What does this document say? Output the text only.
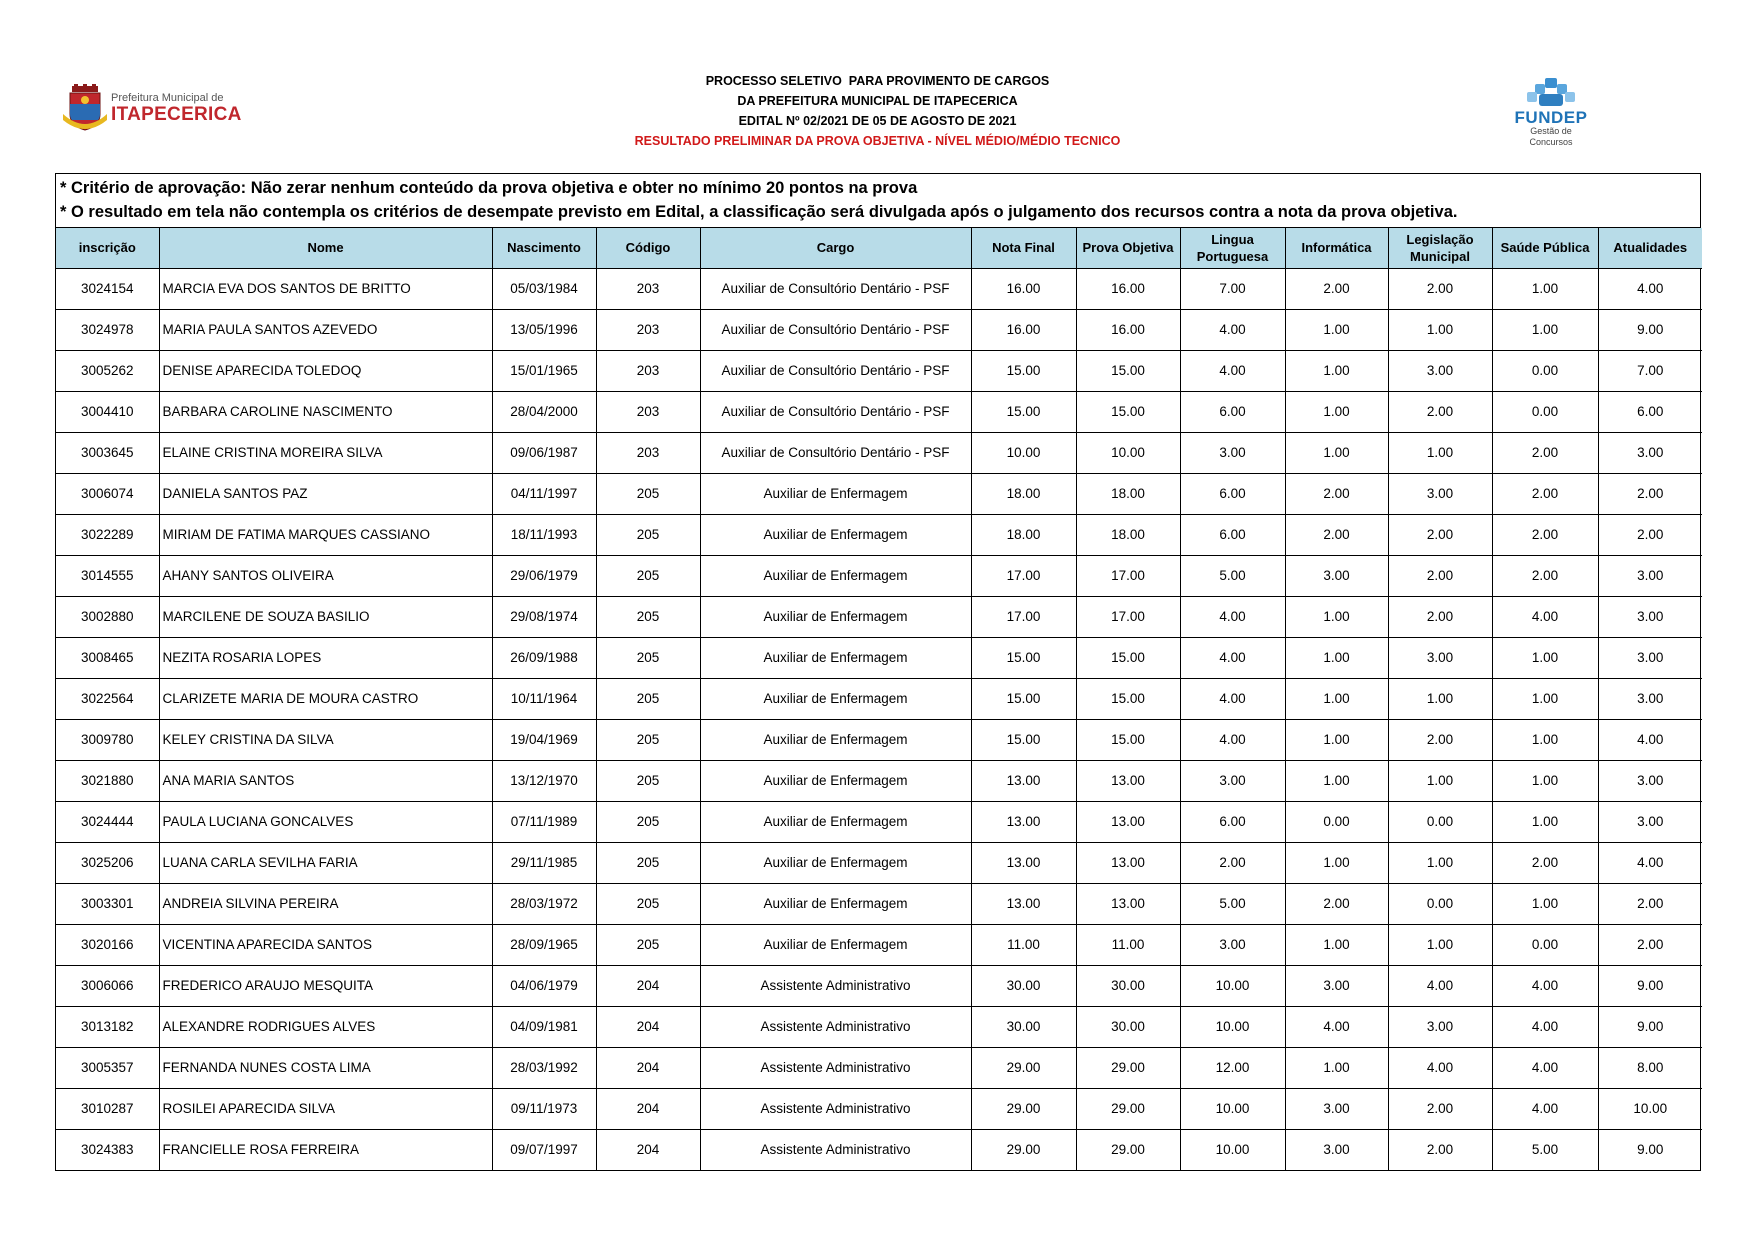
Prefeitura Municipal de
ITAPECERICA
PROCESSO SELETIVO  PARA PROVIMENTO DE CARGOS
DA PREFEITURA MUNICIPAL DE ITAPECERICA
EDITAL Nº 02/2021 DE 05 DE AGOSTO DE 2021
RESULTADO PRELIMINAR DA PROVA OBJETIVA - NÍVEL MÉDIO/MÉDIO TECNICO
FUNDEP
Gestão de Concursos
* Critério de aprovação: Não zerar nenhum conteúdo da prova objetiva e obter no mínimo 20 pontos na prova
* O resultado em tela não contempla os critérios de desempate previsto em Edital, a classificação será divulgada após o julgamento dos recursos contra a nota da prova objetiva.
inscrição	Nome	Nascimento	Código	Cargo	Nota Final	Prova Objetiva	Lingua Portuguesa	Informática	Legislação Municipal	Saúde Pública	Atualidades
3024154	MARCIA EVA DOS SANTOS DE BRITTO	05/03/1984	203	Auxiliar de Consultório Dentário - PSF	16.00	16.00	7.00	2.00	2.00	1.00	4.00
3024978	MARIA PAULA SANTOS AZEVEDO	13/05/1996	203	Auxiliar de Consultório Dentário - PSF	16.00	16.00	4.00	1.00	1.00	1.00	9.00
3005262	DENISE APARECIDA TOLEDOQ	15/01/1965	203	Auxiliar de Consultório Dentário - PSF	15.00	15.00	4.00	1.00	3.00	0.00	7.00
3004410	BARBARA CAROLINE NASCIMENTO	28/04/2000	203	Auxiliar de Consultório Dentário - PSF	15.00	15.00	6.00	1.00	2.00	0.00	6.00
3003645	ELAINE CRISTINA MOREIRA SILVA	09/06/1987	203	Auxiliar de Consultório Dentário - PSF	10.00	10.00	3.00	1.00	1.00	2.00	3.00
3006074	DANIELA SANTOS PAZ	04/11/1997	205	Auxiliar de Enfermagem	18.00	18.00	6.00	2.00	3.00	2.00	2.00
3022289	MIRIAM DE FATIMA MARQUES CASSIANO	18/11/1993	205	Auxiliar de Enfermagem	18.00	18.00	6.00	2.00	2.00	2.00	2.00
3014555	AHANY SANTOS OLIVEIRA	29/06/1979	205	Auxiliar de Enfermagem	17.00	17.00	5.00	3.00	2.00	2.00	3.00
3002880	MARCILENE DE SOUZA BASILIO	29/08/1974	205	Auxiliar de Enfermagem	17.00	17.00	4.00	1.00	2.00	4.00	3.00
3008465	NEZITA ROSARIA LOPES	26/09/1988	205	Auxiliar de Enfermagem	15.00	15.00	4.00	1.00	3.00	1.00	3.00
3022564	CLARIZETE MARIA DE MOURA CASTRO	10/11/1964	205	Auxiliar de Enfermagem	15.00	15.00	4.00	1.00	1.00	1.00	3.00
3009780	KELEY CRISTINA DA SILVA	19/04/1969	205	Auxiliar de Enfermagem	15.00	15.00	4.00	1.00	2.00	1.00	4.00
3021880	ANA MARIA SANTOS	13/12/1970	205	Auxiliar de Enfermagem	13.00	13.00	3.00	1.00	1.00	1.00	3.00
3024444	PAULA LUCIANA GONCALVES	07/11/1989	205	Auxiliar de Enfermagem	13.00	13.00	6.00	0.00	0.00	1.00	3.00
3025206	LUANA CARLA SEVILHA FARIA	29/11/1985	205	Auxiliar de Enfermagem	13.00	13.00	2.00	1.00	1.00	2.00	4.00
3003301	ANDREIA SILVINA PEREIRA	28/03/1972	205	Auxiliar de Enfermagem	13.00	13.00	5.00	2.00	0.00	1.00	2.00
3020166	VICENTINA APARECIDA SANTOS	28/09/1965	205	Auxiliar de Enfermagem	11.00	11.00	3.00	1.00	1.00	0.00	2.00
3006066	FREDERICO ARAUJO MESQUITA	04/06/1979	204	Assistente Administrativo	30.00	30.00	10.00	3.00	4.00	4.00	9.00
3013182	ALEXANDRE RODRIGUES ALVES	04/09/1981	204	Assistente Administrativo	30.00	30.00	10.00	4.00	3.00	4.00	9.00
3005357	FERNANDA NUNES COSTA LIMA	28/03/1992	204	Assistente Administrativo	29.00	29.00	12.00	1.00	4.00	4.00	8.00
3010287	ROSILEI APARECIDA SILVA	09/11/1973	204	Assistente Administrativo	29.00	29.00	10.00	3.00	2.00	4.00	10.00
3024383	FRANCIELLE ROSA FERREIRA	09/07/1997	204	Assistente Administrativo	29.00	29.00	10.00	3.00	2.00	5.00	9.00
